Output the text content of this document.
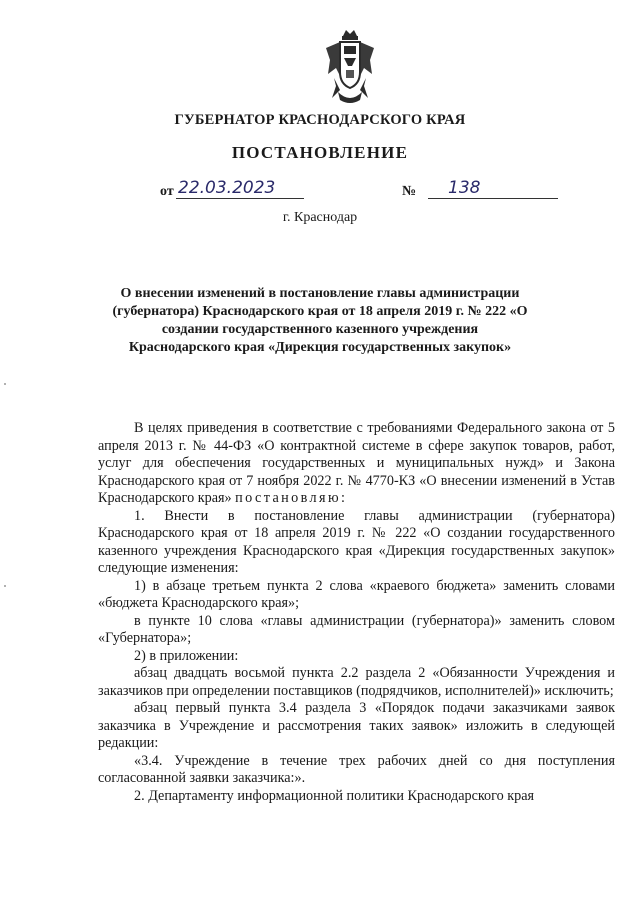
ГУБЕРНАТОР КРАСНОДАРСКОГО КРАЯ
ПОСТАНОВЛЕНИЕ
от 22.03.2023	№	138
г. Краснодар
О внесении изменений в постановление главы администрации (губернатора) Краснодарского края от 18 апреля 2019 г. № 222 «О создании государственного казенного учреждения Краснодарского края «Дирекция государственных закупок»

В целях приведения в соответствие с требованиями Федерального закона от 5 апреля 2013 г. № 44-ФЗ «О контрактной системе в сфере закупок товаров, работ, услуг для обеспечения государственных и муниципальных нужд» и Закона Краснодарского края от 7 ноября 2022 г. № 4770-КЗ «О внесении изменений в Устав Краснодарского края» постановляю:

1. Внести в постановление главы администрации (губернатора) Краснодарского края от 18 апреля 2019 г. № 222 «О создании государственного казенного учреждения Краснодарского края «Дирекция государственных закупок» следующие изменения:

1) в абзаце третьем пункта 2 слова «краевого бюджета» заменить словами «бюджета Краснодарского края»;

в пункте 10 слова «главы администрации (губернатора)» заменить словом «Губернатора»;

2) в приложении:

абзац двадцать восьмой пункта 2.2 раздела 2 «Обязанности Учреждения и заказчиков при определении поставщиков (подрядчиков, исполнителей)» исключить;

абзац первый пункта 3.4 раздела 3 «Порядок подачи заказчиками заявок заказчика в Учреждение и рассмотрения таких заявок» изложить в следующей редакции:

«3.4. Учреждение в течение трех рабочих дней со дня поступления согласованной заявки заказчика:».

2. Департаменту информационной политики Краснодарского края
